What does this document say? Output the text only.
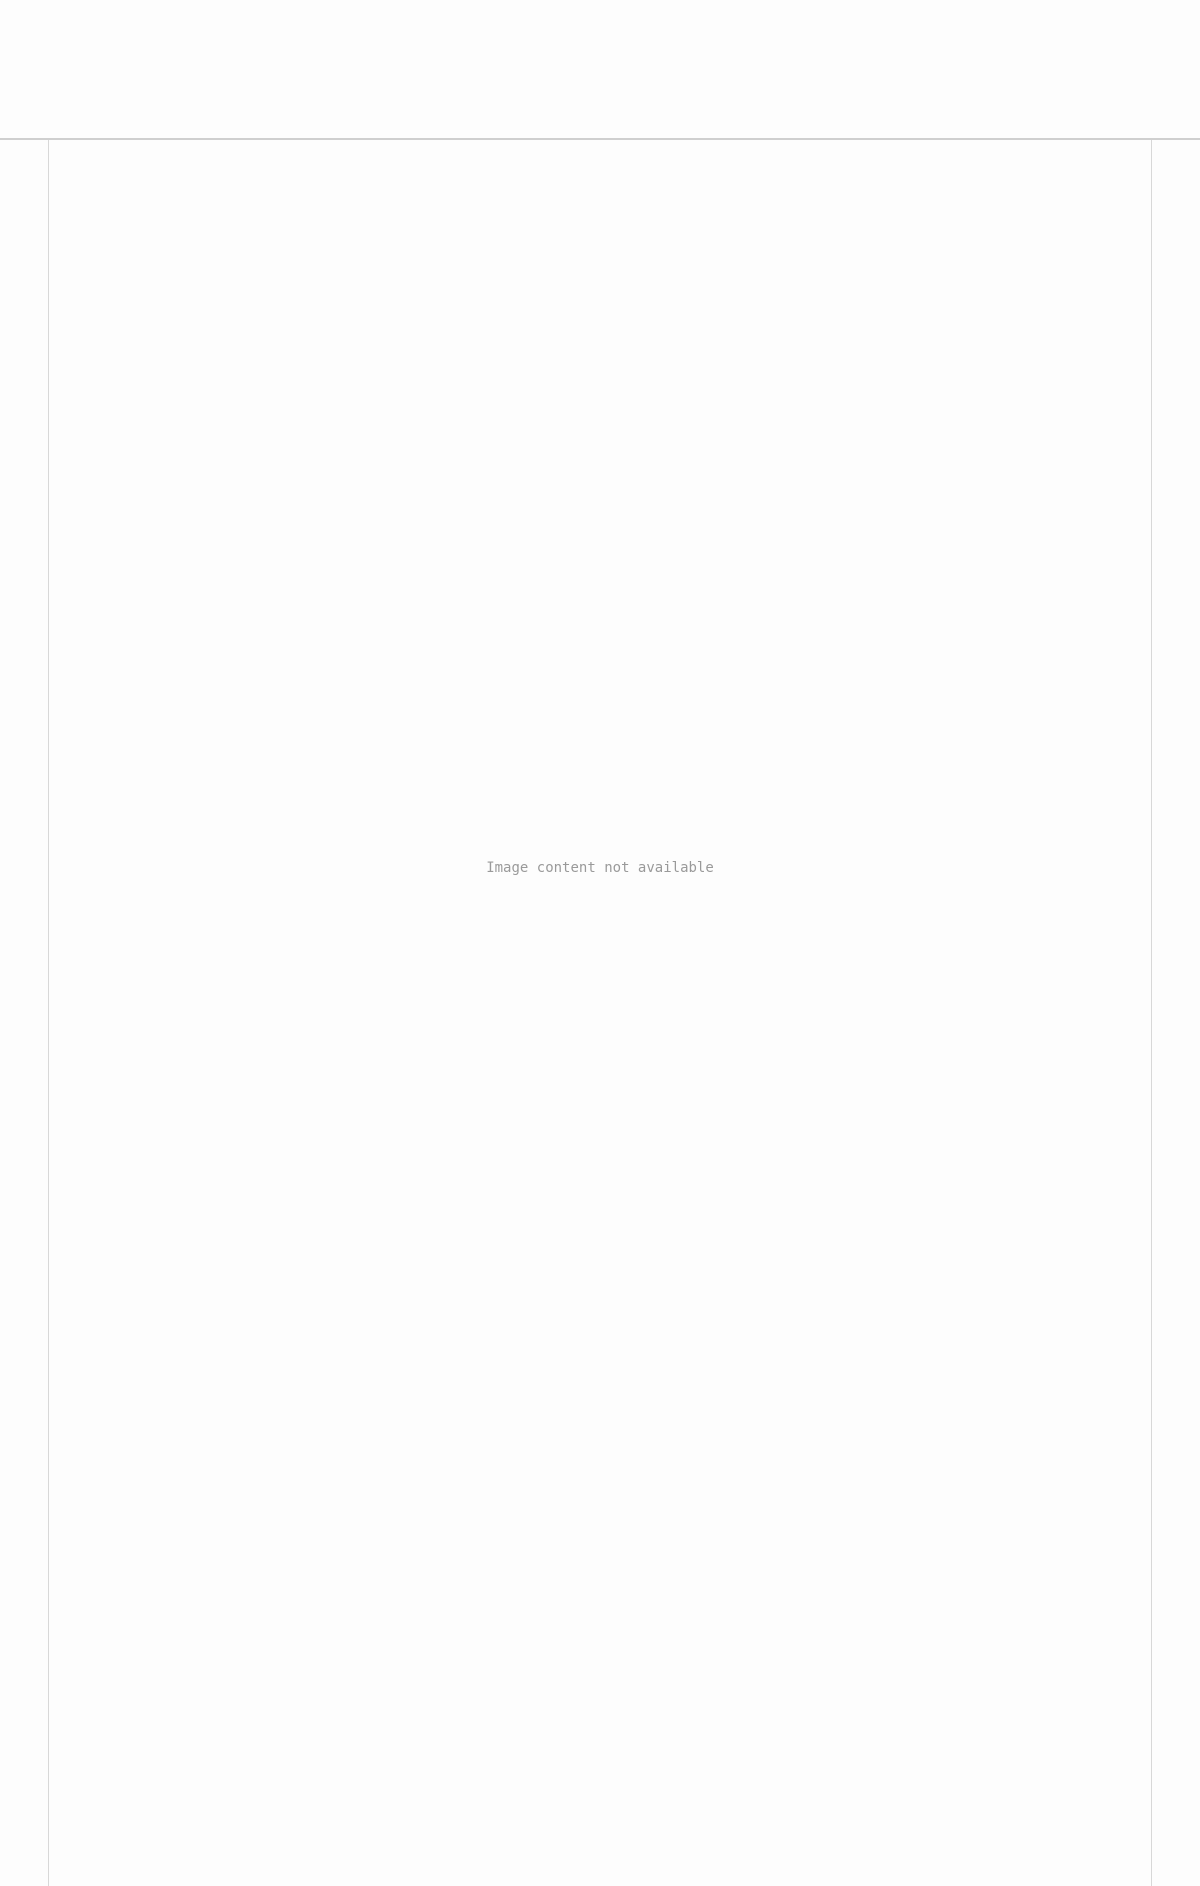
Image content not available
